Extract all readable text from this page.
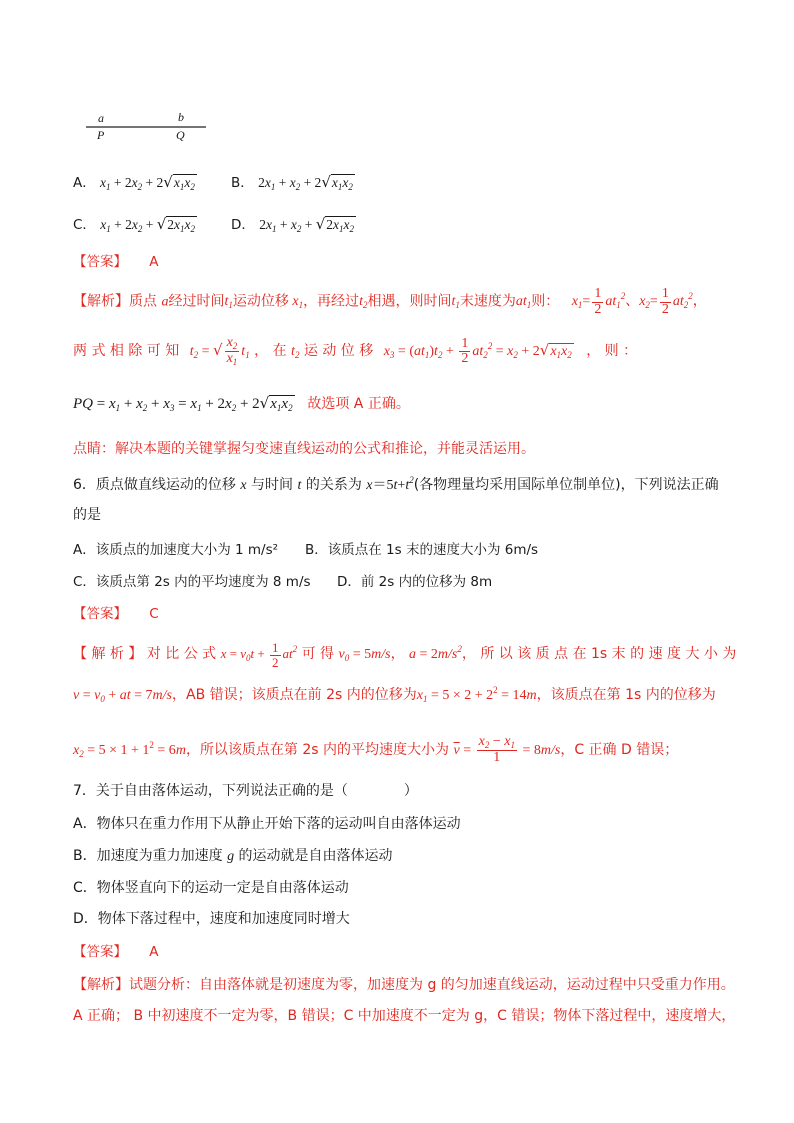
a	b
P	Q
A． $x_1 + 2x_2 + 2√x_1x_2$	B． $2x_1 + x_2 + 2√x_1x_2$
C． $x_1 + 2x_2 + √2x_1x_2$	D． $2x_1 + x_2 + √2x_1x_2$
【答案】 A
【解析】质点 a经过时间$t_1$运动位移 $x_1$，再经过$t_2$相遇，则时间$t_1$末速度为$at_1$则： $x_1= \frac{1}{2} at_1^2$、$x_2= \frac{1}{2} at_2^2$，
两 式 相 除 可 知 $t_2$ = √ $\frac{x_2}{x_1} t_1$ ， 在 $t_2$ 运 动 位 移 $x_3 = (at_1)t_2 + \frac{1}{2} at_2^2 = x_2 + 2√x_1x_2$ ， 则 ：
PQ = $x_1 + x_2 + x_3 = x_1 + 2x_2 + 2√x_1x_2$ 故选项 A 正确。
点睛：解决本题的关键掌握匀变速直线运动的公式和推论，并能灵活运用。
6．质点做直线运动的位移 x 与时间 t 的关系为 $x=5t+t^2$(各物理量均采用国际单位制单位)，下列说法正确
的是
A．该质点的加速度大小为 1 m/s² B．该质点在 1s 末的速度大小为 6m/s
C．该质点第 2s 内的平均速度为 8 m/s D．前 2s 内的位移为 8m
【答案】 C
【 解 析 】 对 比 公 式 $x = v_0t + \frac{1}{2} at^2$ 可 得 $v_0 = 5m/s$， $a = 2m/s^2$， 所 以 该 质 点 在 1s 末 的 速 度 大 小 为
$v = v_0$ + at = 7m/s，AB 错误；该质点在前 2s 内的位移为$x_1 = 5 \times 2 + 2^2 = 14m$，该质点在第 1s 内的位移为
$x_2 = 5 \times 1 + 1^2 = 6m$，所以该质点在第 2s 内的平均速度大小为 $\overline{v} = \frac{x_2 - x_1}{1} = 8m/s$，C 正确 D 错误；
7．关于自由落体运动，下列说法正确的是（　　　　）
A．物体只在重力作用下从静止开始下落的运动叫自由落体运动
B．加速度为重力加速度 g 的运动就是自由落体运动
C．物体竖直向下的运动一定是自由落体运动
D．物体下落过程中，速度和加速度同时增大
【答案】 A
【解析】试题分析：自由落体就是初速度为零，加速度为 g 的匀加速直线运动，运动过程中只受重力作用。
A 正确； B 中初速度不一定为零，B 错误；C 中加速度不一定为 g，C 错误；物体下落过程中，速度增大，
